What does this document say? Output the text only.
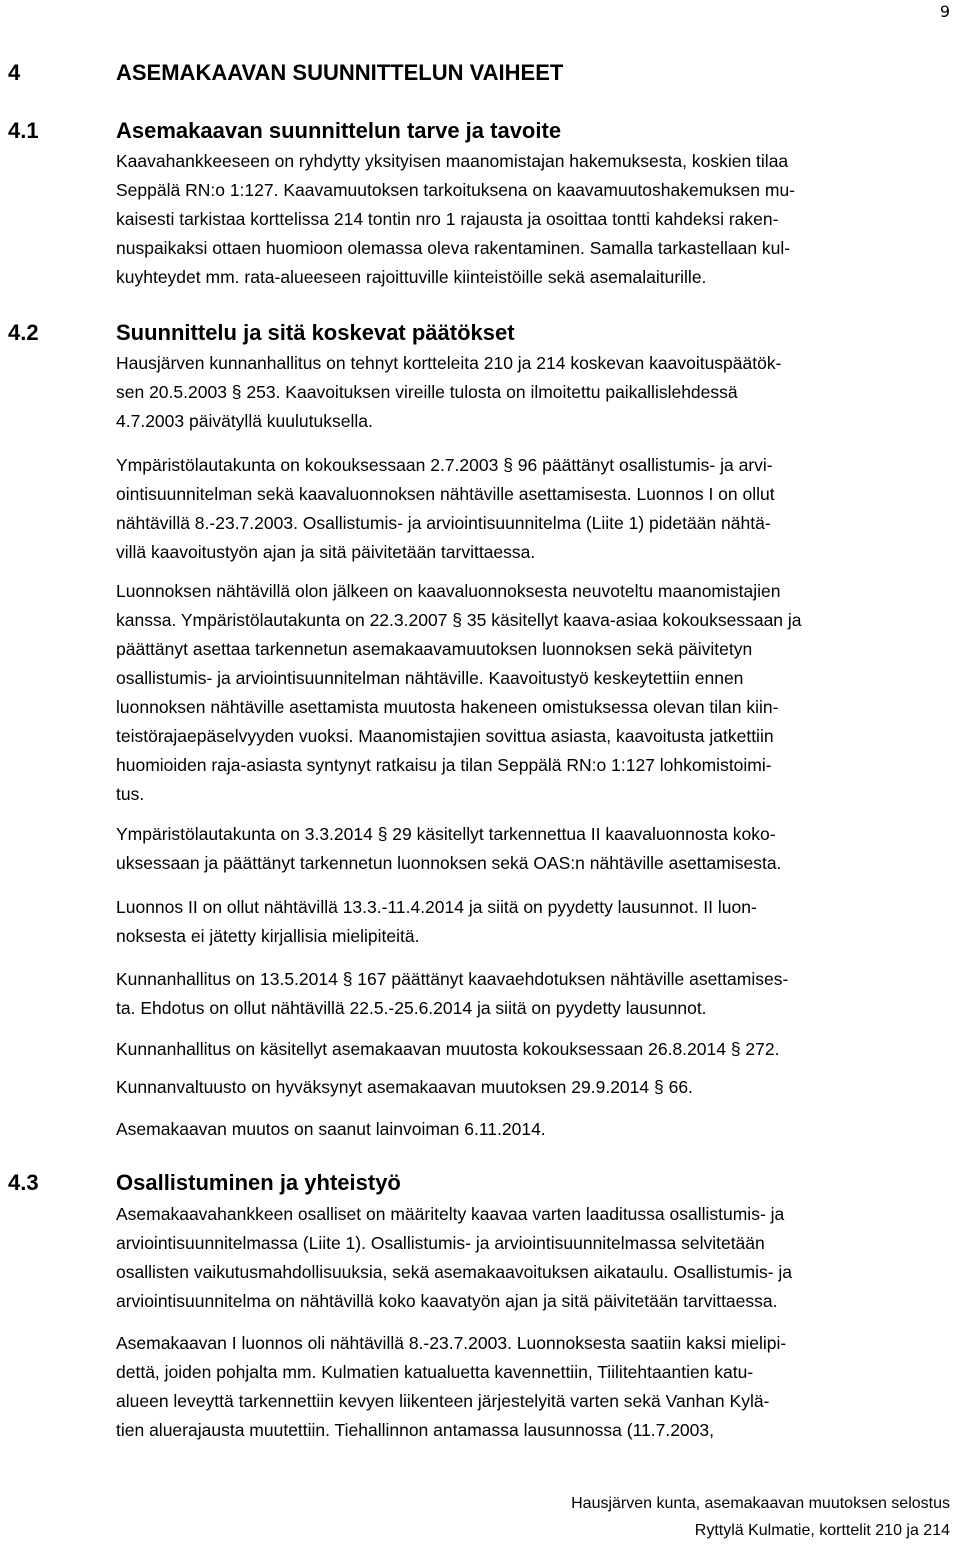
9
4	ASEMAKAAVAN SUUNNITTELUN VAIHEET
4.1	Asemakaavan suunnittelun tarve ja tavoite
Kaavahankkeeseen on ryhdytty yksityisen maanomistajan hakemuksesta, koskien tilaa
Seppälä RN:o 1:127. Kaavamuutoksen tarkoituksena on kaavamuutoshakemuksen mu-
kaisesti tarkistaa korttelissa 214 tontin nro 1 rajausta ja osoittaa tontti kahdeksi raken-
nuspaikaksi ottaen huomioon olemassa oleva rakentaminen. Samalla tarkastellaan kul-
kuyhteydet mm. rata-alueeseen rajoittuville kiinteistöille sekä asemalaiturille.
4.2	Suunnittelu ja sitä koskevat päätökset
Hausjärven kunnanhallitus on tehnyt kortteleita 210 ja 214 koskevan kaavoituspäätök-
sen 20.5.2003 § 253. Kaavoituksen vireille tulosta on ilmoitettu paikallislehdessä
4.7.2003 päivätyllä kuulutuksella.
Ympäristölautakunta on kokouksessaan 2.7.2003 § 96 päättänyt osallistumis- ja arvi-
ointisuunnitelman sekä kaavaluonnoksen nähtäville asettamisesta. Luonnos I on ollut
nähtävillä 8.-23.7.2003. Osallistumis- ja arviointisuunnitelma (Liite 1) pidetään nähtä-
villä kaavoitustyön ajan ja sitä päivitetään tarvittaessa.
Luonnoksen nähtävillä olon jälkeen on kaavaluonnoksesta neuvoteltu maanomistajien
kanssa. Ympäristölautakunta on 22.3.2007 § 35 käsitellyt kaava-asiaa kokouksessaan ja
päättänyt asettaa tarkennetun asemakaavamuutoksen luonnoksen sekä päivitetyn
osallistumis- ja arviointisuunnitelman nähtäville. Kaavoitustyö keskeytettiin ennen
luonnoksen nähtäville asettamista muutosta hakeneen omistuksessa olevan tilan kiin-
teistörajaepäselvyyden vuoksi. Maanomistajien sovittua asiasta, kaavoitusta jatkettiin
huomioiden raja-asiasta syntynyt ratkaisu ja tilan Seppälä RN:o 1:127 lohkomistoimi-
tus.
Ympäristölautakunta on 3.3.2014 § 29 käsitellyt tarkennettua II kaavaluonnosta koko-
uksessaan ja päättänyt tarkennetun luonnoksen sekä OAS:n nähtäville asettamisesta.
Luonnos II on ollut nähtävillä 13.3.-11.4.2014 ja siitä on pyydetty lausunnot. II luon-
noksesta ei jätetty kirjallisia mielipiteitä.
Kunnanhallitus on 13.5.2014 § 167 päättänyt kaavaehdotuksen nähtäville asettamises-
ta. Ehdotus on ollut nähtävillä 22.5.-25.6.2014 ja siitä on pyydetty lausunnot.
Kunnanhallitus on käsitellyt asemakaavan muutosta kokouksessaan 26.8.2014 § 272.
Kunnanvaltuusto on hyväksynyt asemakaavan muutoksen 29.9.2014 § 66.
Asemakaavan muutos on saanut lainvoiman 6.11.2014.
4.3	Osallistuminen ja yhteistyö
Asemakaavahankkeen osalliset on määritelty kaavaa varten laaditussa osallistumis- ja
arviointisuunnitelmassa (Liite 1). Osallistumis- ja arviointisuunnitelmassa selvitetään
osallisten vaikutusmahdollisuuksia, sekä asemakaavoituksen aikataulu. Osallistumis- ja
arviointisuunnitelma on nähtävillä koko kaavatyön ajan ja sitä päivitetään tarvittaessa.
Asemakaavan I luonnos oli nähtävillä 8.-23.7.2003. Luonnoksesta saatiin kaksi mielipi-
dettä, joiden pohjalta mm. Kulmatien katualuetta kavennettiin, Tiilitehtaantien katu-
alueen leveyttä tarkennettiin kevyen liikenteen järjestelyitä varten sekä Vanhan Kylä-
tien aluerajausta muutettiin. Tiehallinnon antamassa lausunnossa (11.7.2003,
Hausjärven kunta, asemakaavan muutoksen selostus
Ryttylä Kulmatie, korttelit 210 ja 214
